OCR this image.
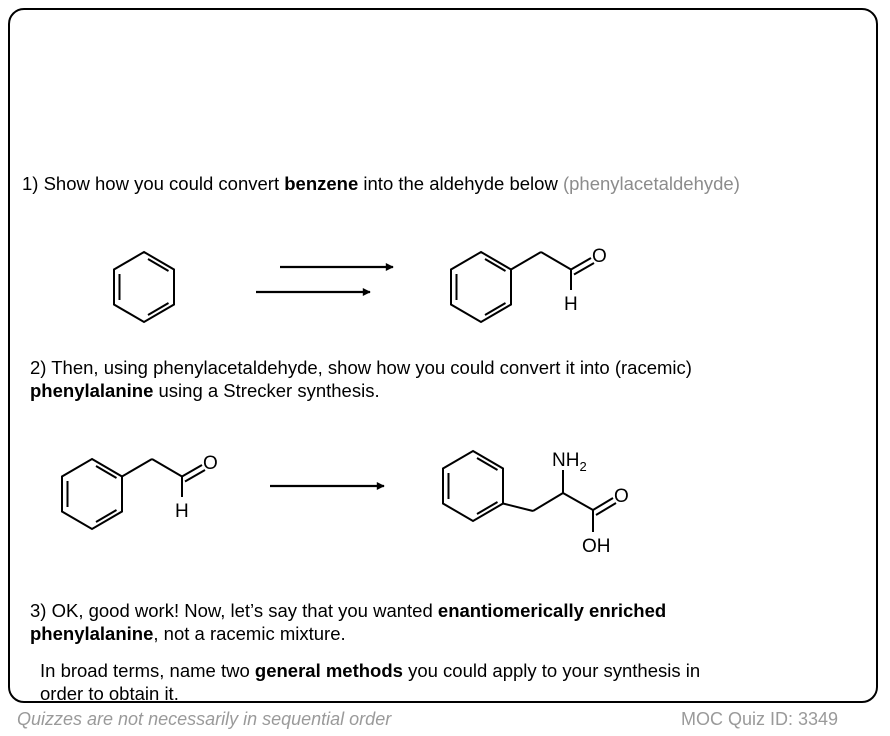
1) Show how you could convert benzene into the aldehyde below (phenylacetaldehyde)
2) Then, using phenylacetaldehyde, show how you could convert it into (racemic)
phenylalanine using a Strecker synthesis.
3) OK, good work! Now, let’s say that you wanted enantiomerically enriched
phenylalanine, not a racemic mixture.
In broad terms, name two general methods you could apply to your synthesis in
order to obtain it.
O
H
O
H
$NH_2$
O
OH
Quizzes are not necessarily in sequential order	MOC Quiz ID: 3349
